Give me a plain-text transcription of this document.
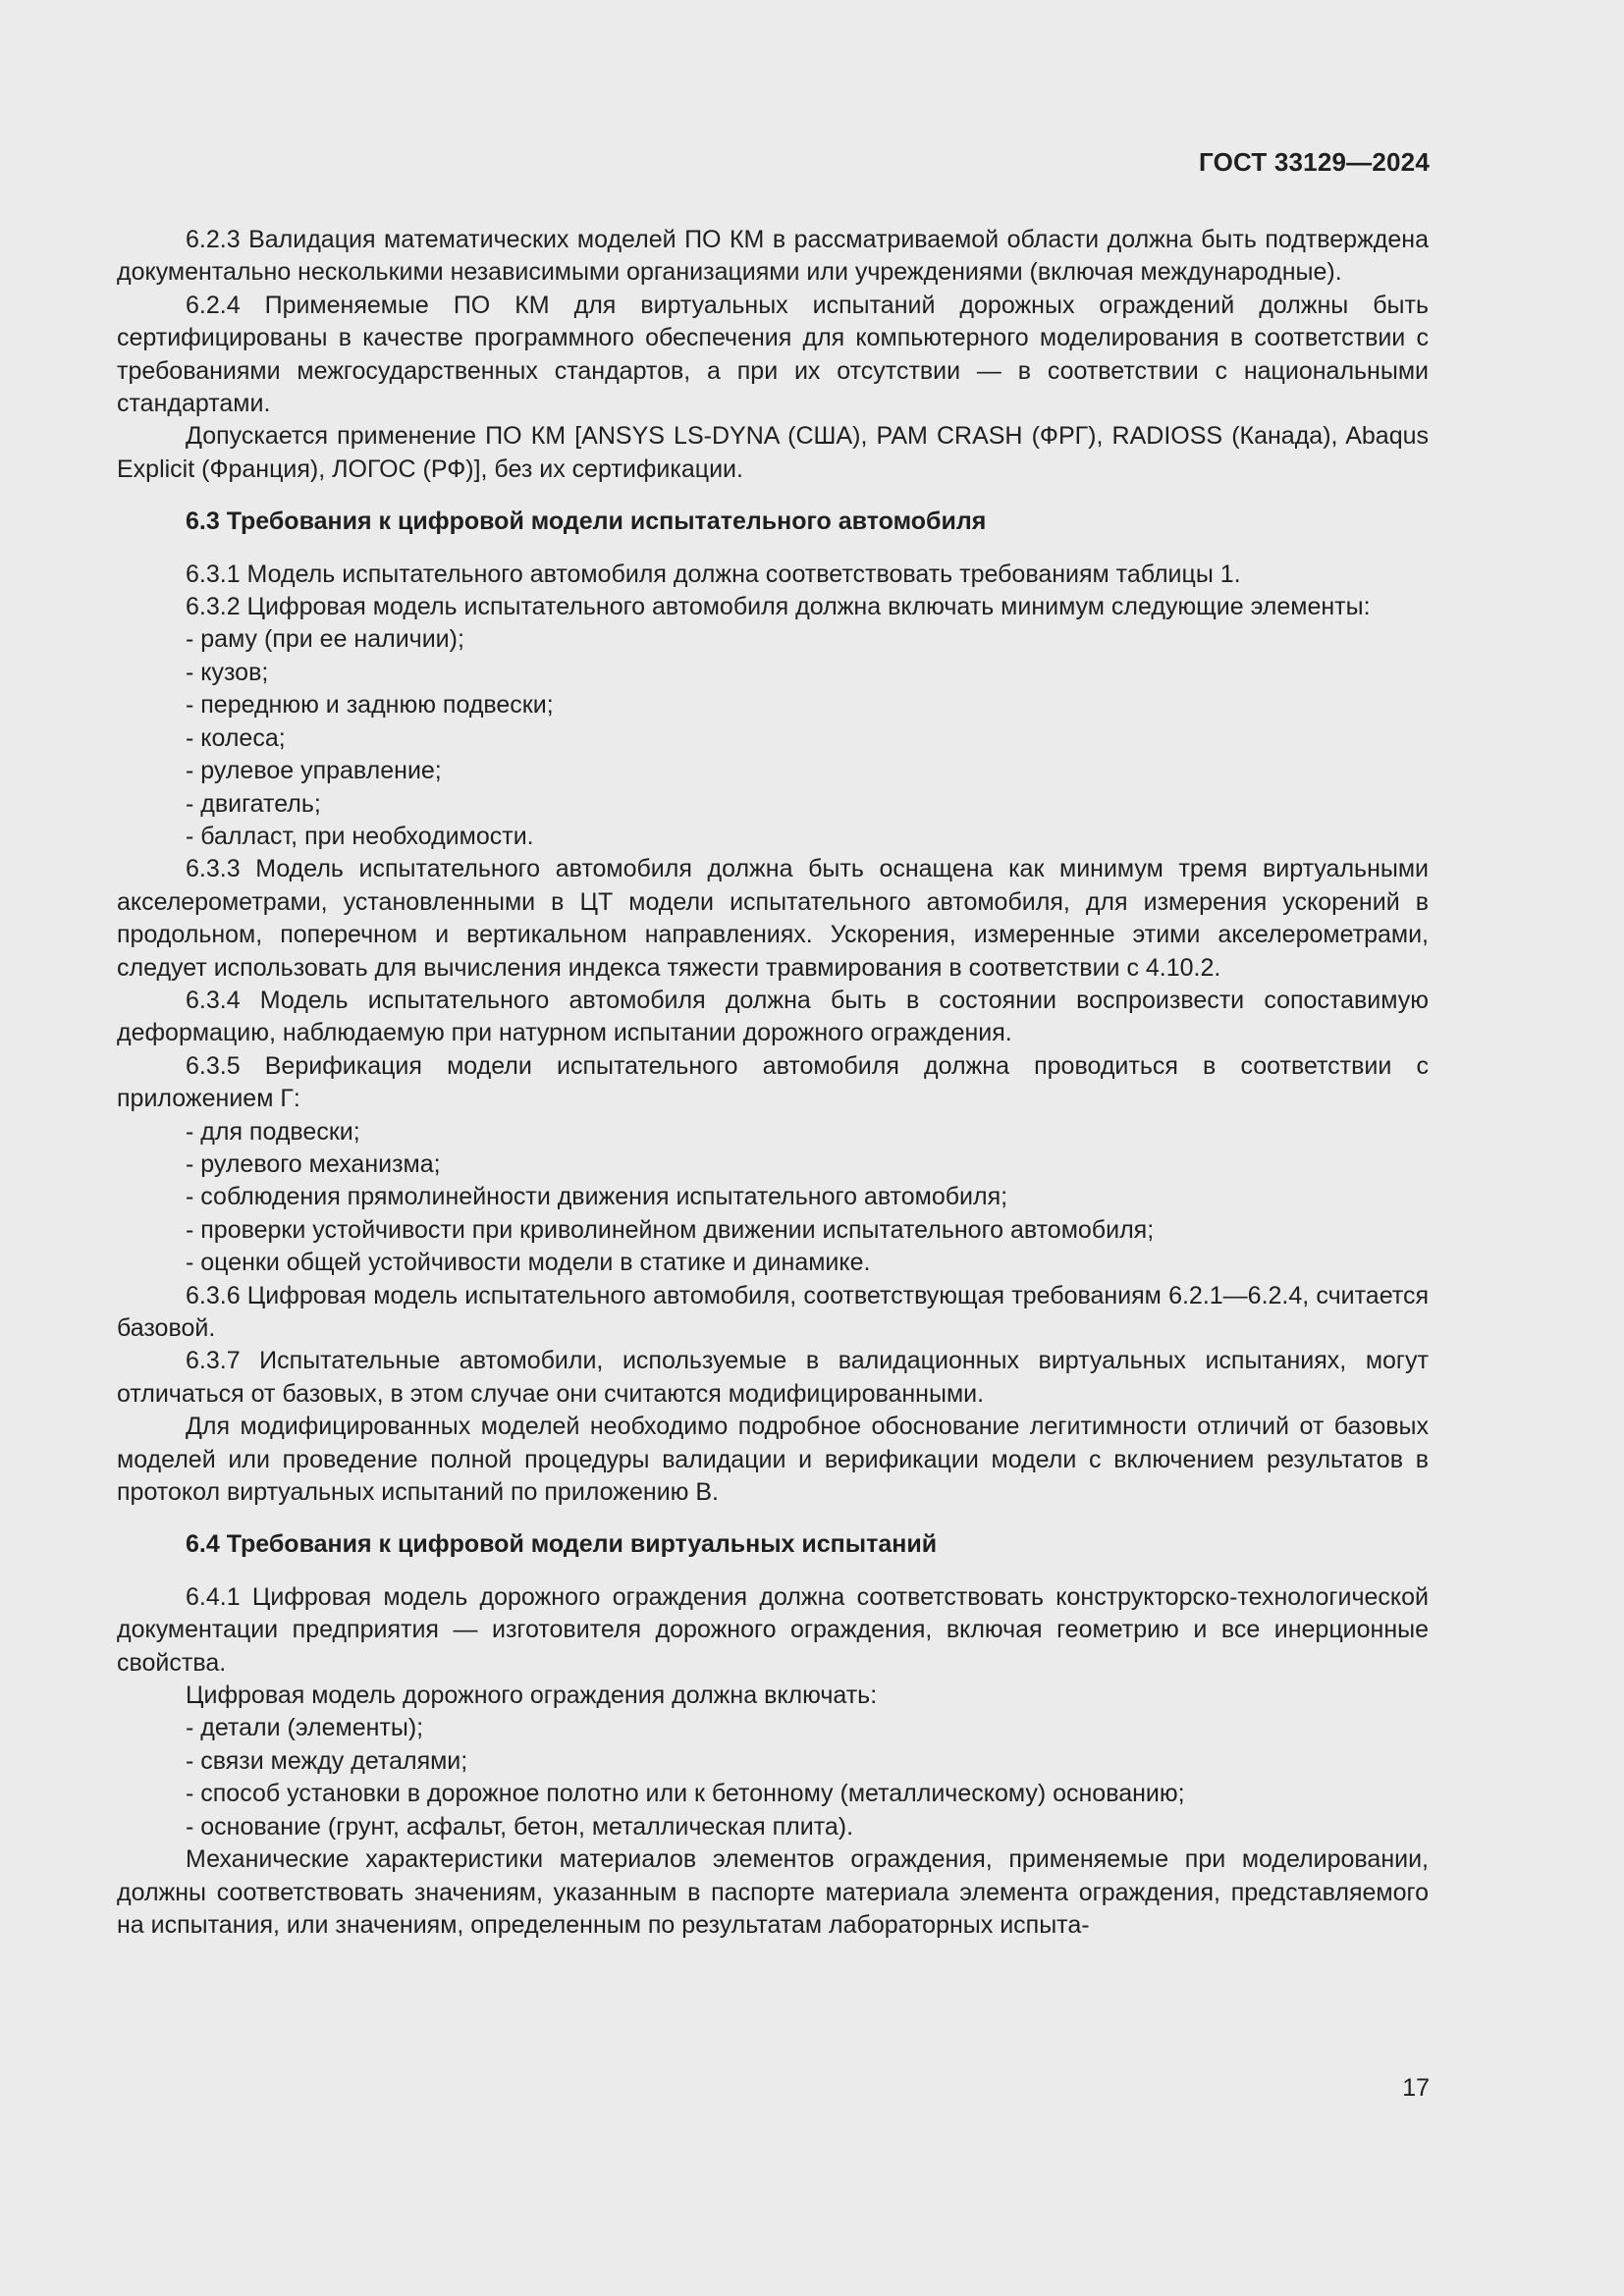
ГОСТ 33129—2024

6.2.3 Валидация математических моделей ПО КМ в рассматриваемой области должна быть подтверждена документально несколькими независимыми организациями или учреждениями (включая международные).

6.2.4 Применяемые ПО КМ для виртуальных испытаний дорожных ограждений должны быть сертифицированы в качестве программного обеспечения для компьютерного моделирования в соответствии с требованиями межгосударственных стандартов, а при их отсутствии — в соответствии с национальными стандартами.

Допускается применение ПО КМ [ANSYS LS-DYNA (США), PAM CRASH (ФРГ), RADIOSS (Канада), Abaqus Explicit (Франция), ЛОГОС (РФ)], без их сертификации.

6.3 Требования к цифровой модели испытательного автомобиля

6.3.1 Модель испытательного автомобиля должна соответствовать требованиям таблицы 1.

6.3.2 Цифровая модель испытательного автомобиля должна включать минимум следующие элементы:

- раму (при ее наличии);

- кузов;

- переднюю и заднюю подвески;

- колеса;

- рулевое управление;

- двигатель;

- балласт, при необходимости.

6.3.3 Модель испытательного автомобиля должна быть оснащена как минимум тремя виртуальными акселерометрами, установленными в ЦТ модели испытательного автомобиля, для измерения ускорений в продольном, поперечном и вертикальном направлениях. Ускорения, измеренные этими акселерометрами, следует использовать для вычисления индекса тяжести травмирования в соответствии с 4.10.2.

6.3.4 Модель испытательного автомобиля должна быть в состоянии воспроизвести сопоставимую деформацию, наблюдаемую при натурном испытании дорожного ограждения.

6.3.5 Верификация модели испытательного автомобиля должна проводиться в соответствии с приложением Г:

- для подвески;

- рулевого механизма;

- соблюдения прямолинейности движения испытательного автомобиля;

- проверки устойчивости при криволинейном движении испытательного автомобиля;

- оценки общей устойчивости модели в статике и динамике.

6.3.6 Цифровая модель испытательного автомобиля, соответствующая требованиям 6.2.1—6.2.4, считается базовой.

6.3.7 Испытательные автомобили, используемые в валидационных виртуальных испытаниях, могут отличаться от базовых, в этом случае они считаются модифицированными.

Для модифицированных моделей необходимо подробное обоснование легитимности отличий от базовых моделей или проведение полной процедуры валидации и верификации модели с включением результатов в протокол виртуальных испытаний по приложению В.

6.4 Требования к цифровой модели виртуальных испытаний

6.4.1 Цифровая модель дорожного ограждения должна соответствовать конструкторско-технологической документации предприятия — изготовителя дорожного ограждения, включая геометрию и все инерционные свойства.

Цифровая модель дорожного ограждения должна включать:

- детали (элементы);

- связи между деталями;

- способ установки в дорожное полотно или к бетонному (металлическому) основанию;

- основание (грунт, асфальт, бетон, металлическая плита).

Механические характеристики материалов элементов ограждения, применяемые при моделировании, должны соответствовать значениям, указанным в паспорте материала элемента ограждения, представляемого на испытания, или значениям, определенным по результатам лабораторных испыта-

17
